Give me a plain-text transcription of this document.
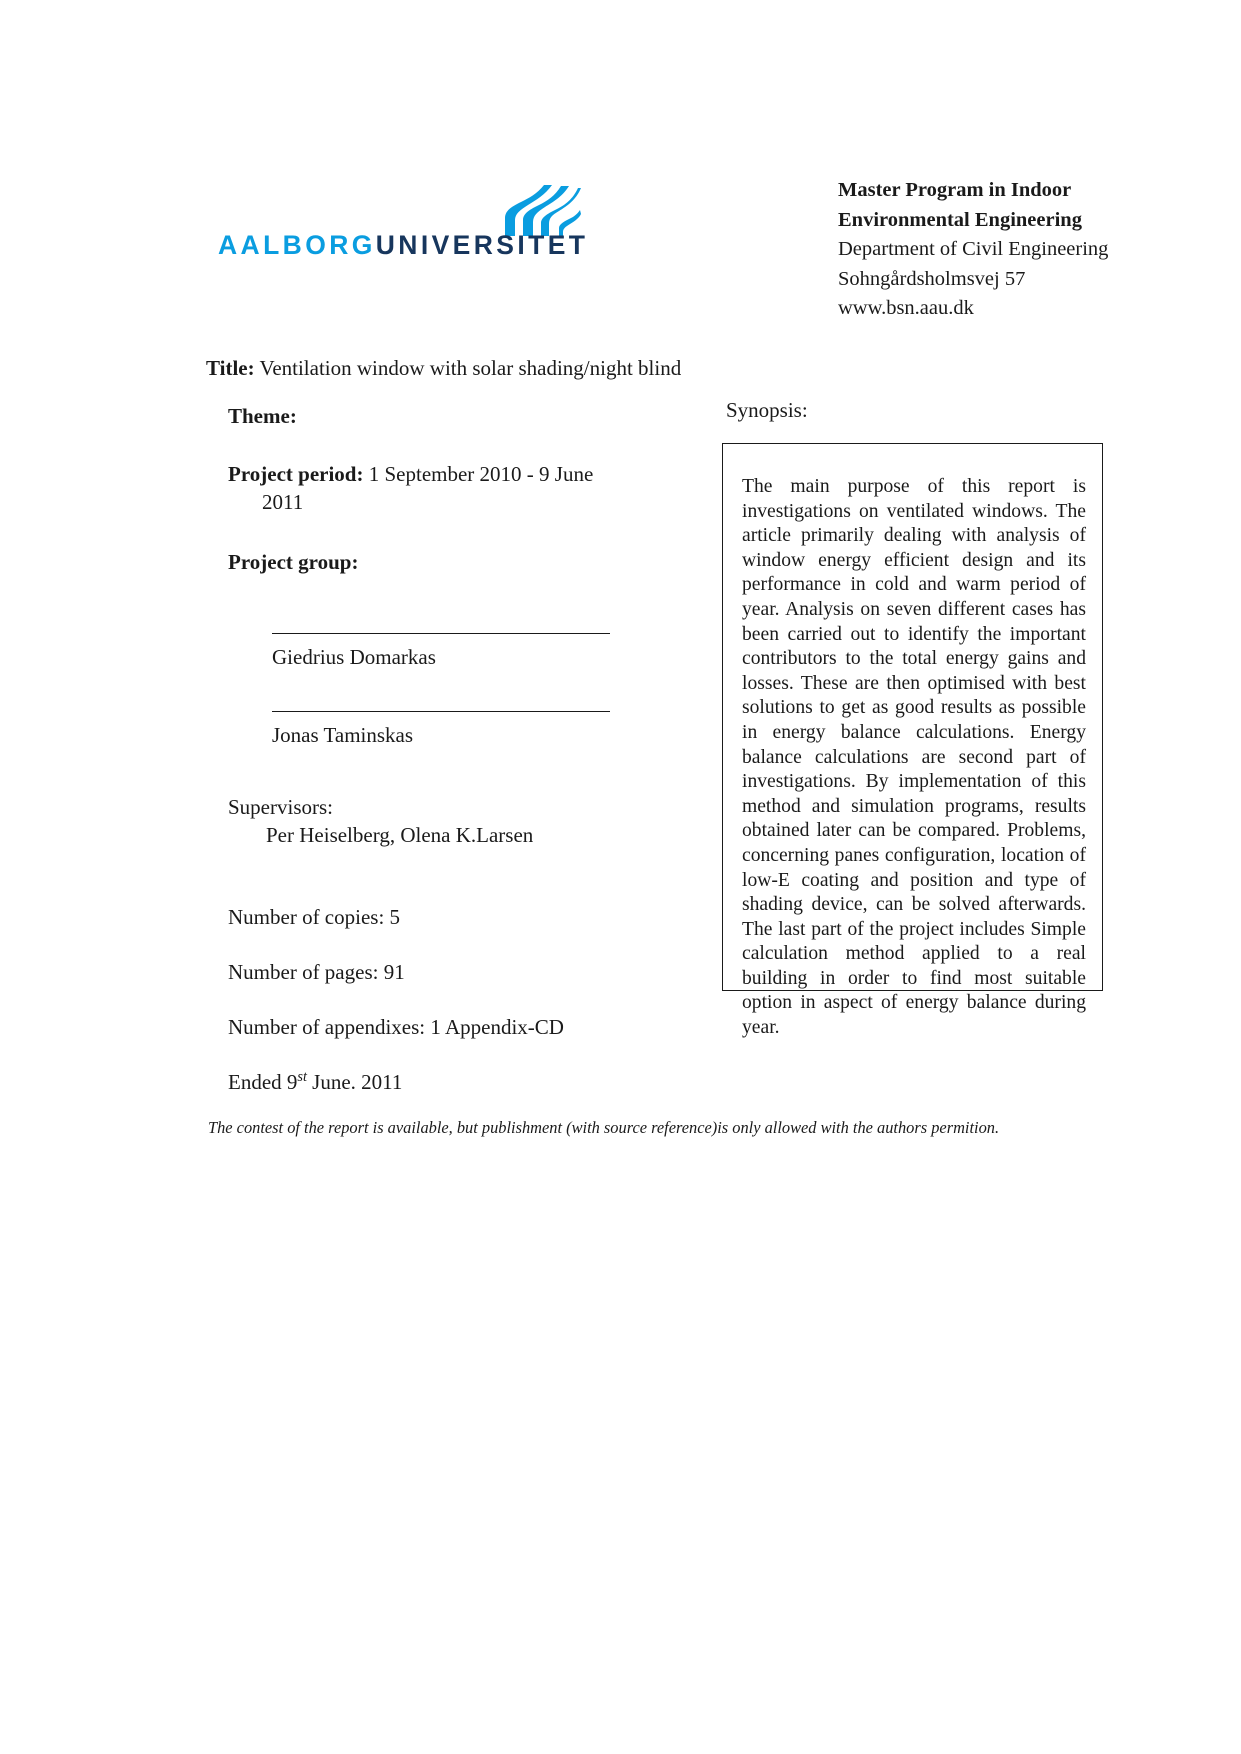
AALBORGUNIVERSITET
Master Program in Indoor
Environmental Engineering
Department of Civil Engineering
Sohngårdsholmsvej 57
www.bsn.aau.dk
Title: Ventilation window with solar shading/night blind
Theme:
Project period: 1 September 2010 - 9 June
2011
Project group:
Giedrius Domarkas
Jonas Taminskas
Supervisors:
Per Heiselberg, Olena K.Larsen
Number of copies: 5
Number of pages: 91
Number of appendixes: 1 Appendix-CD
Ended 9st June. 2011
Synopsis:
The main purpose of this report is investigations on ventilated windows. The article primarily dealing with analysis of window energy efficient design and its performance in cold and warm period of year. Analysis on seven different cases has been carried out to identify the important contributors to the total energy gains and losses. These are then optimised with best solutions to get as good results as possible in energy balance calculations. Energy balance calculations are second part of investigations. By implementation of this method and simulation programs, results obtained later can be compared. Problems, concerning panes configuration, location of low-E coating and position and type of shading device, can be solved afterwards. The last part of the project includes Simple calculation method applied to a real building in order to find most suitable option in aspect of energy balance during year.
The contest of the report is available, but publishment (with source reference)is only allowed with the authors permition.
